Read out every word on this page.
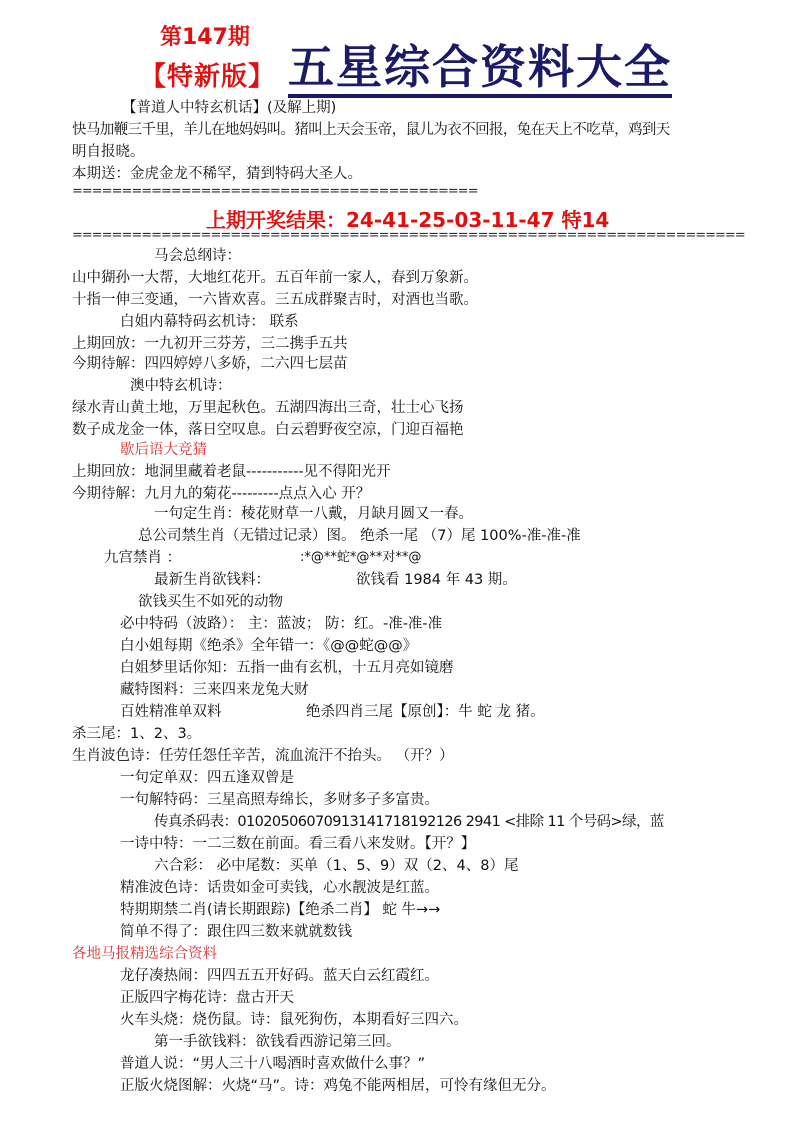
第147期
【特新版】 五星综合资料大全
【普道人中特玄机话】(及解上期)
快马加鞭三千里，羊儿在地妈妈叫。猪叫上天会玉帝，鼠儿为衣不回报，兔在天上不吃草，鸡到天
明自报晓。
本期送：金虎金龙不稀罕，猜到特码大圣人。
=========================================
上期开奖结果：24-41-25-03-11-47 特14
====================================================================
马会总纲诗：
山中猢孙一大帮，大地红花开。五百年前一家人，春到万象新。
十指一伸三变通，一六皆欢喜。三五成群聚吉时，对酒也当歌。
白姐内幕特码玄机诗： 联系
上期回放：一九初开三芬芳，三二携手五共
今期待解：四四婷婷八多娇，二六四七层苗
澳中特玄机诗：
绿水青山黄土地，万里起秋色。五湖四海出三奇，壮士心飞扬
数子成龙金一体，落日空叹息。白云碧野夜空凉，门迎百福艳
歇后语大竞猜
上期回放：地洞里藏着老鼠-----------见不得阳光开
今期待解：九月九的菊花---------点点入心 开？
一句定生肖：稜花财草一八戴，月缺月圆又一春。
总公司禁生肖（无错过记录）图。 绝杀一尾 （7）尾 100%-准-准-准
九宫禁肖 ：	:*@**蛇*@**对**@
最新生肖欲钱料：	欲钱看 1984 年 43 期。
欲钱买生不如死的动物
必中特码（波路）： 主：蓝波； 防：红。-准-准-准
白小姐每期《绝杀》全年错一：《@@蛇@@》
白姐梦里话你知：五指一曲有玄机，十五月亮如镜磨
藏特图料：三来四来龙兔大财
百姓精准单双料	绝杀四肖三尾【原创】：牛 蛇 龙 猪。
杀三尾：1、2、3。
生肖波色诗：任劳任怨任辛苦，流血流汗不抬头。 （开？）
一句定单双：四五逢双曾是
一句解特码：三星高照寿绵长，多财多子多富贵。
传真杀码表：01020506070913141718192126 2941 <排除 11 个号码>绿，蓝
一诗中特：一二三数在前面。看三看八来发财。【开？】
六合彩： 必中尾数：买单（1、5、9）双（2、4、8）尾
精准波色诗：话贵如金可卖钱，心水靓波是红蓝。
特期期禁二肖(请长期跟踪)【绝杀二肖】 蛇 牛→→
简单不得了：跟住四三数来就就数钱
各地马报精选综合资料
龙仔凑热闹：四四五五开好码。蓝天白云红霞红。
正版四字梅花诗：盘古开天
火车头烧：烧伤鼠。诗：鼠死狗伤，本期看好三四六。
第一手欲钱料：欲钱看西游记第三回。
普道人说：“男人三十八喝酒时喜欢做什么事？”
正版火烧图解：火烧“马”。诗：鸡兔不能两相居，可怜有缘但无分。
